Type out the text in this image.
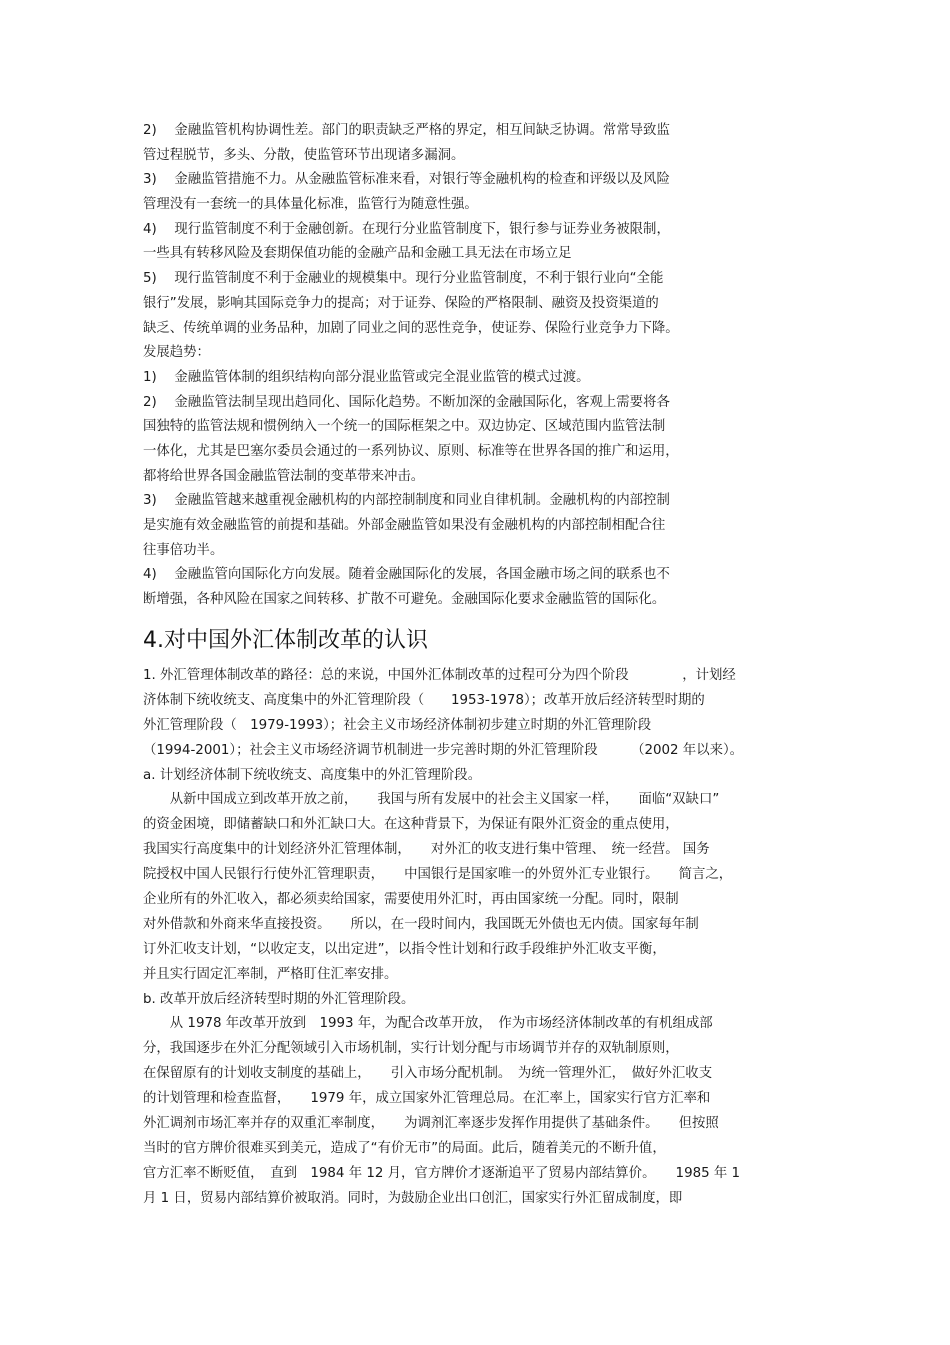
2)　 金融监管机构协调性差。部门的职责缺乏严格的界定，相互间缺乏协调。常常导致监
管过程脱节，多头、分散，使监管环节出现诸多漏洞。
3)　 金融监管措施不力。从金融监管标准来看，对银行等金融机构的检查和评级以及风险
管理没有一套统一的具体量化标准，监管行为随意性强。
4)　 现行监管制度不利于金融创新。在现行分业监管制度下，银行参与证券业务被限制，
一些具有转移风险及套期保值功能的金融产品和金融工具无法在市场立足
5)　 现行监管制度不利于金融业的规模集中。现行分业监管制度，不利于银行业向“全能
银行”发展，影响其国际竞争力的提高；对于证券、保险的严格限制、融资及投资渠道的
缺乏、传统单调的业务品种，加剧了同业之间的恶性竞争，使证券、保险行业竞争力下降。
发展趋势：
1)　 金融监管体制的组织结构向部分混业监管或完全混业监管的模式过渡。
2)　 金融监管法制呈现出趋同化、国际化趋势。不断加深的金融国际化，客观上需要将各
国独特的监管法规和惯例纳入一个统一的国际框架之中。双边协定、区域范围内监管法制
一体化，尤其是巴塞尔委员会通过的一系列协议、原则、标准等在世界各国的推广和运用，
都将给世界各国金融监管法制的变革带来冲击。
3)　 金融监管越来越重视金融机构的内部控制制度和同业自律机制。金融机构的内部控制
是实施有效金融监管的前提和基础。外部金融监管如果没有金融机构的内部控制相配合往
往事倍功半。
4)　 金融监管向国际化方向发展。随着金融国际化的发展，各国金融市场之间的联系也不
断增强，各种风险在国家之间转移、扩散不可避免。金融国际化要求金融监管的国际化。
4.对中国外汇体制改革的认识
1. 外汇管理体制改革的路径：总的来说，中国外汇体制改革的过程可分为四个阶段　　　　，计划经
济体制下统收统支、高度集中的外汇管理阶段（　　1953-1978）；改革开放后经济转型时期的
外汇管理阶段（　1979-1993）；社会主义市场经济体制初步建立时期的外汇管理阶段
（1994-2001）；社会主义市场经济调节机制进一步完善时期的外汇管理阶段　　　（2002 年以来）。
a. 计划经济体制下统收统支、高度集中的外汇管理阶段。
　　从新中国成立到改革开放之前，　　我国与所有发展中的社会主义国家一样，　　面临“双缺口”
的资金困境，即储蓄缺口和外汇缺口大。在这种背景下，为保证有限外汇资金的重点使用，
我国实行高度集中的计划经济外汇管理体制，　　对外汇的收支进行集中管理、　统一经营。 国务
院授权中国人民银行行使外汇管理职责，　　中国银行是国家唯一的外贸外汇专业银行。　　简言之，
企业所有的外汇收入，都必须卖给国家，需要使用外汇时，再由国家统一分配。同时，限制
对外借款和外商来华直接投资。　　所以，在一段时间内，我国既无外债也无内债。国家每年制
订外汇收支计划，“以收定支，以出定进”，以指令性计划和行政手段维护外汇收支平衡，
并且实行固定汇率制，严格盯住汇率安排。
b. 改革开放后经济转型时期的外汇管理阶段。
　　从 1978 年改革开放到　1993 年，为配合改革开放，　作为市场经济体制改革的有机组成部
分，我国逐步在外汇分配领域引入市场机制，实行计划分配与市场调节并存的双轨制原则，
在保留原有的计划收支制度的基础上，　　引入市场分配机制。　为统一管理外汇，　做好外汇收支
的计划管理和检查监督，　　1979 年，成立国家外汇管理总局。在汇率上，国家实行官方汇率和
外汇调剂市场汇率并存的双重汇率制度，　　为调剂汇率逐步发挥作用提供了基础条件。　　但按照
当时的官方牌价很难买到美元，造成了“有价无市”的局面。此后，随着美元的不断升值，
官方汇率不断贬值，　直到　1984 年 12 月，官方牌价才逐渐追平了贸易内部结算价。　　1985 年 1
月 1 日，贸易内部结算价被取消。同时，为鼓励企业出口创汇，国家实行外汇留成制度，即
